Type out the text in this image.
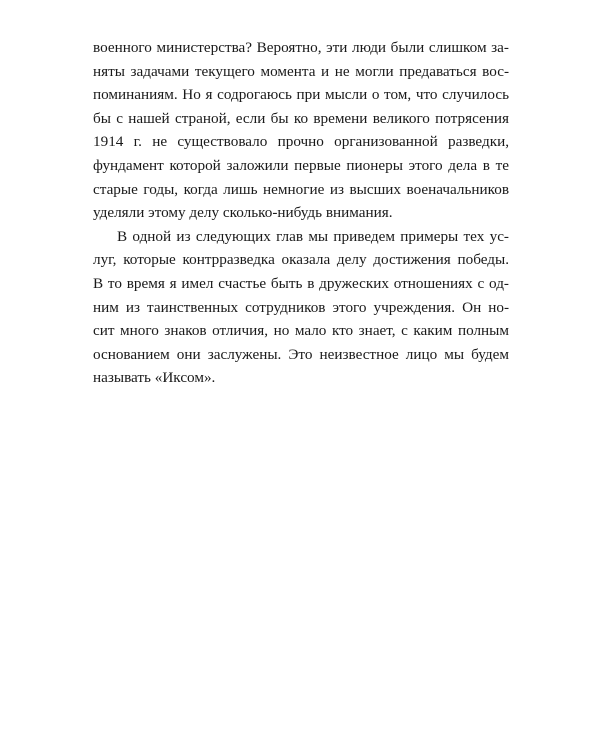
военного министерства? Вероятно, эти люди были слишком за-
няты задачами текущего момента и не могли предаваться вос-
поминаниям. Но я содрогаюсь при мысли о том, что случилось
бы с нашей страной, если бы ко времени великого потрясения
1914 г. не существовало прочно организованной разведки,
фундамент которой заложили первые пионеры этого дела в те
старые годы, когда лишь немногие из высших военачальников
уделяли этому делу сколько-нибудь внимания.
В одной из следующих глав мы приведем примеры тех ус-
луг, которые контрразведка оказала делу достижения победы.
В то время я имел счастье быть в дружеских отношениях с од-
ним из таинственных сотрудников этого учреждения. Он но-
сит много знаков отличия, но мало кто знает, с каким полным
основанием они заслужены. Это неизвестное лицо мы будем
называть «Иксом».
